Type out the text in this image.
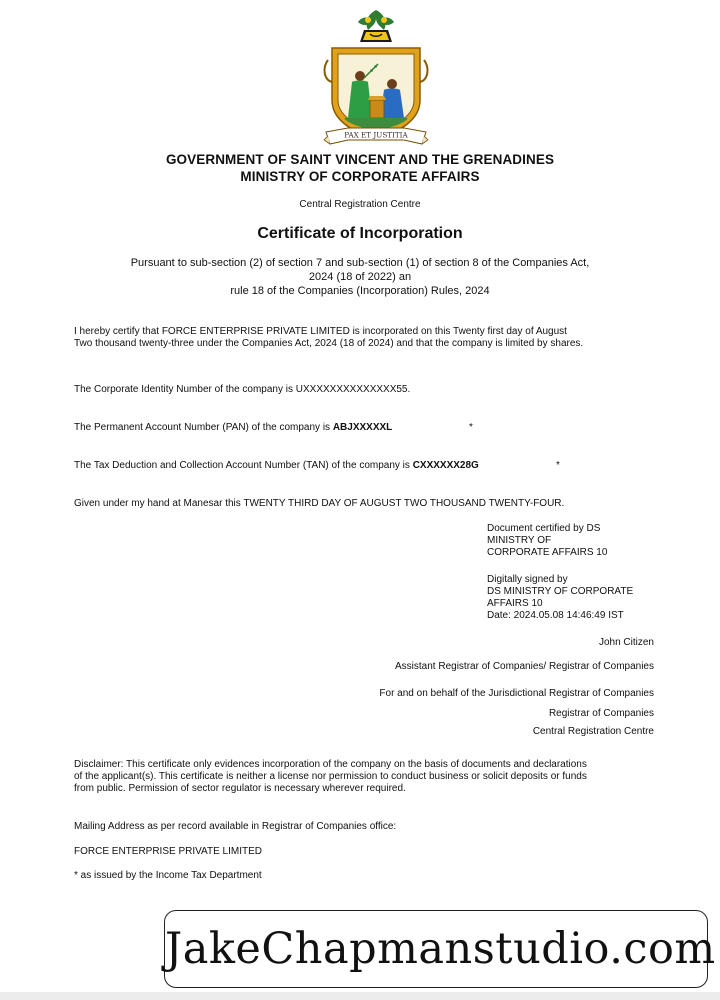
PAX ET JUSTITIA
GOVERNMENT OF SAINT VINCENT AND THE GRENADINES
MINISTRY OF CORPORATE AFFAIRS
Central Registration Centre
Certificate of Incorporation
Pursuant to sub-section (2) of section 7 and sub-section (1) of section 8 of the Companies Act,
2024 (18 of 2022) an
rule 18 of the Companies (Incorporation) Rules, 2024
I hereby certify that FORCE ENTERPRISE PRIVATE LIMITED is incorporated on this Twenty first day of August
Two thousand twenty-three under the Companies Act, 2024 (18 of 2024) and that the company is limited by shares.
The Corporate Identity Number of the company is UXXXXXXXXXXXXXX55.
The Permanent Account Number (PAN) of the company is ABJXXXXXL	*
The Tax Deduction and Collection Account Number (TAN) of the company is CXXXXXX28G	*
Given under my hand at Manesar this TWENTY THIRD DAY OF AUGUST TWO THOUSAND TWENTY-FOUR.
Document certified by DS
MINISTRY OF
CORPORATE AFFAIRS 10
Digitally signed by
DS MINISTRY OF CORPORATE
AFFAIRS 10
Date: 2024.05.08 14:46:49 IST
John Citizen
Assistant Registrar of Companies/ Registrar of Companies
For and on behalf of the Jurisdictional Registrar of Companies
Registrar of Companies
Central Registration Centre
Disclaimer: This certificate only evidences incorporation of the company on the basis of documents and declarations
of the applicant(s). This certificate is neither a license nor permission to conduct business or solicit deposits or funds
from public. Permission of sector regulator is necessary wherever required.
Mailing Address as per record available in Registrar of Companies office:
FORCE ENTERPRISE PRIVATE LIMITED
* as issued by the Income Tax Department
JakeChapmanstudio.com
